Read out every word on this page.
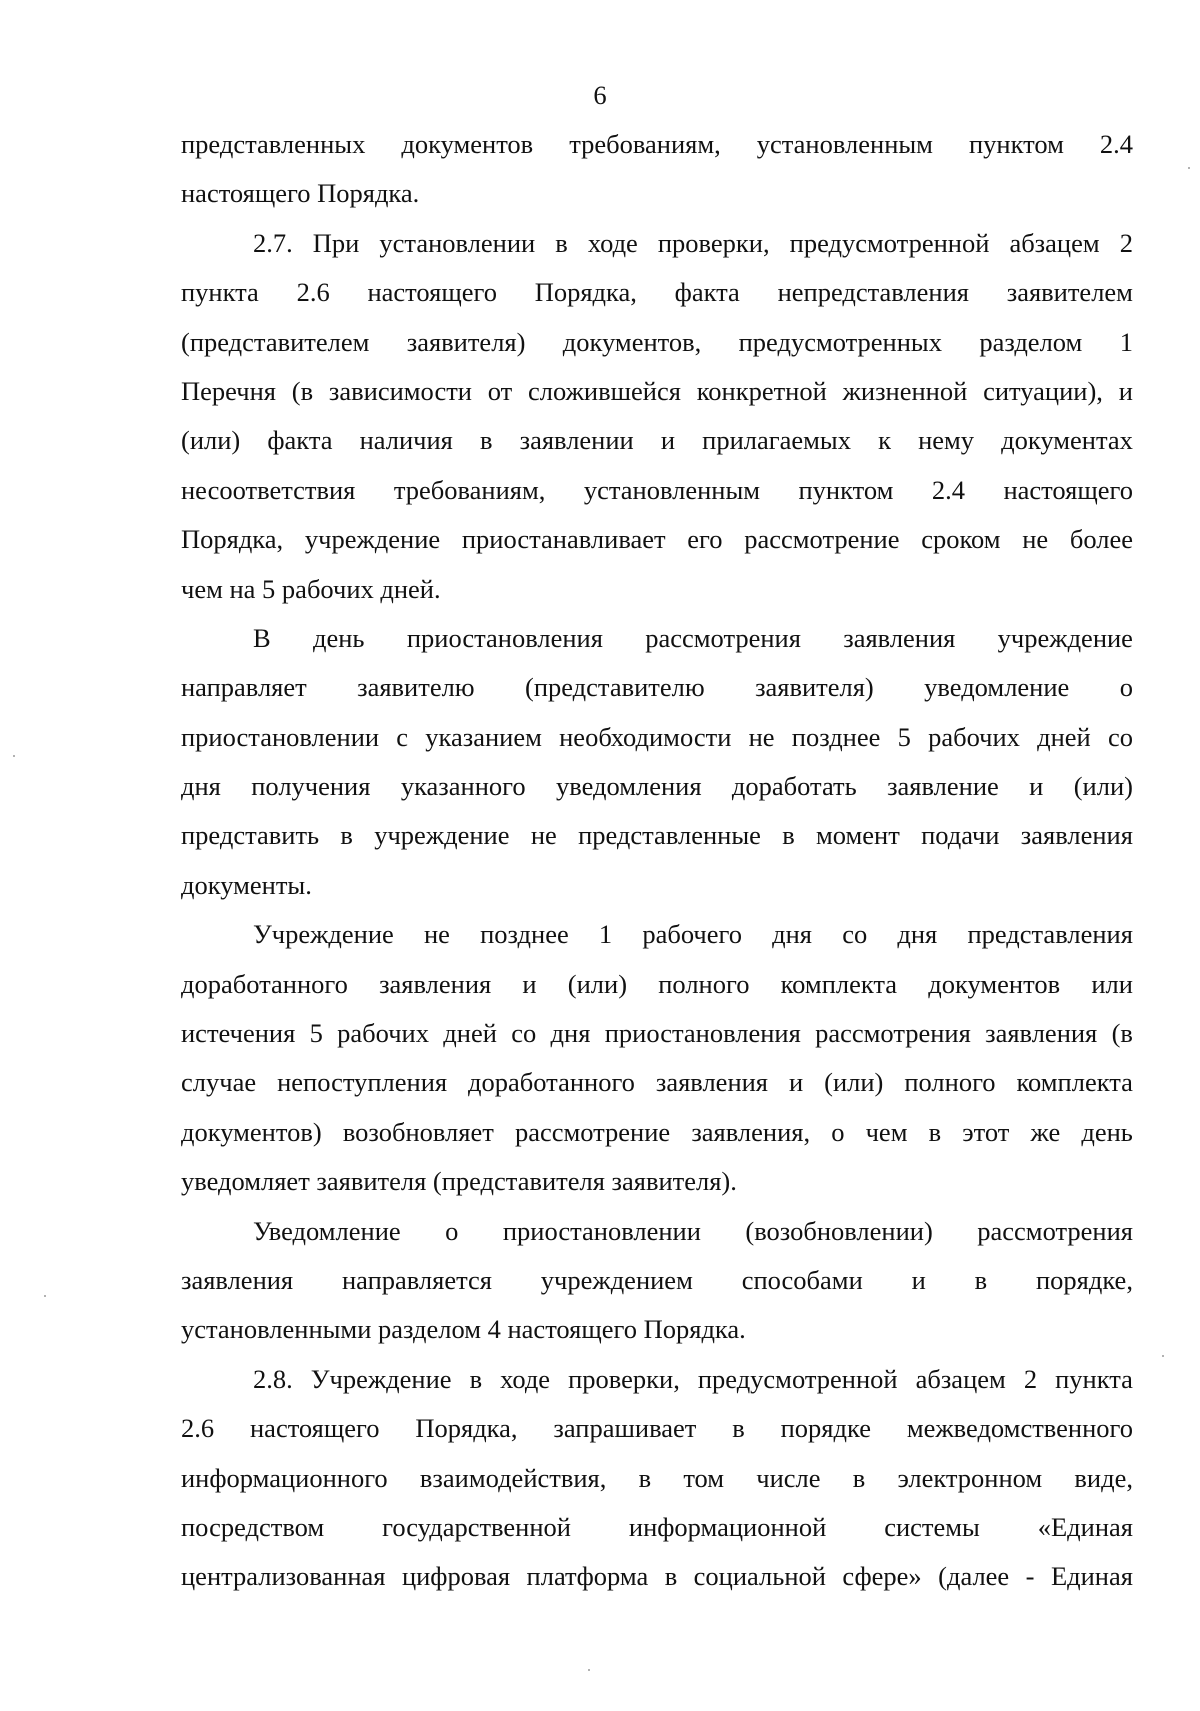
6
представленных документов требованиям, установленным пунктом 2.4
настоящего Порядка.
2.7. При установлении в ходе проверки, предусмотренной абзацем 2
пункта 2.6 настоящего Порядка, факта непредставления заявителем
(представителем заявителя) документов, предусмотренных разделом 1
Перечня (в зависимости от сложившейся конкретной жизненной ситуации), и
(или) факта наличия в заявлении и прилагаемых к нему документах
несоответствия требованиям, установленным пунктом 2.4 настоящего
Порядка, учреждение приостанавливает его рассмотрение сроком не более
чем на 5 рабочих дней.
В день приостановления рассмотрения заявления учреждение
направляет заявителю (представителю заявителя) уведомление о
приостановлении с указанием необходимости не позднее 5 рабочих дней со
дня получения указанного уведомления доработать заявление и (или)
представить в учреждение не представленные в момент подачи заявления
документы.
Учреждение не позднее 1 рабочего дня со дня представления
доработанного заявления и (или) полного комплекта документов или
истечения 5 рабочих дней со дня приостановления рассмотрения заявления (в
случае непоступления доработанного заявления и (или) полного комплекта
документов) возобновляет рассмотрение заявления, о чем в этот же день
уведомляет заявителя (представителя заявителя).
Уведомление о приостановлении (возобновлении) рассмотрения
заявления направляется учреждением способами и в порядке,
установленными разделом 4 настоящего Порядка.
2.8. Учреждение в ходе проверки, предусмотренной абзацем 2 пункта
2.6 настоящего Порядка, запрашивает в порядке межведомственного
информационного взаимодействия, в том числе в электронном виде,
посредством государственной информационной системы «Единая
централизованная цифровая платформа в социальной сфере» (далее - Единая
